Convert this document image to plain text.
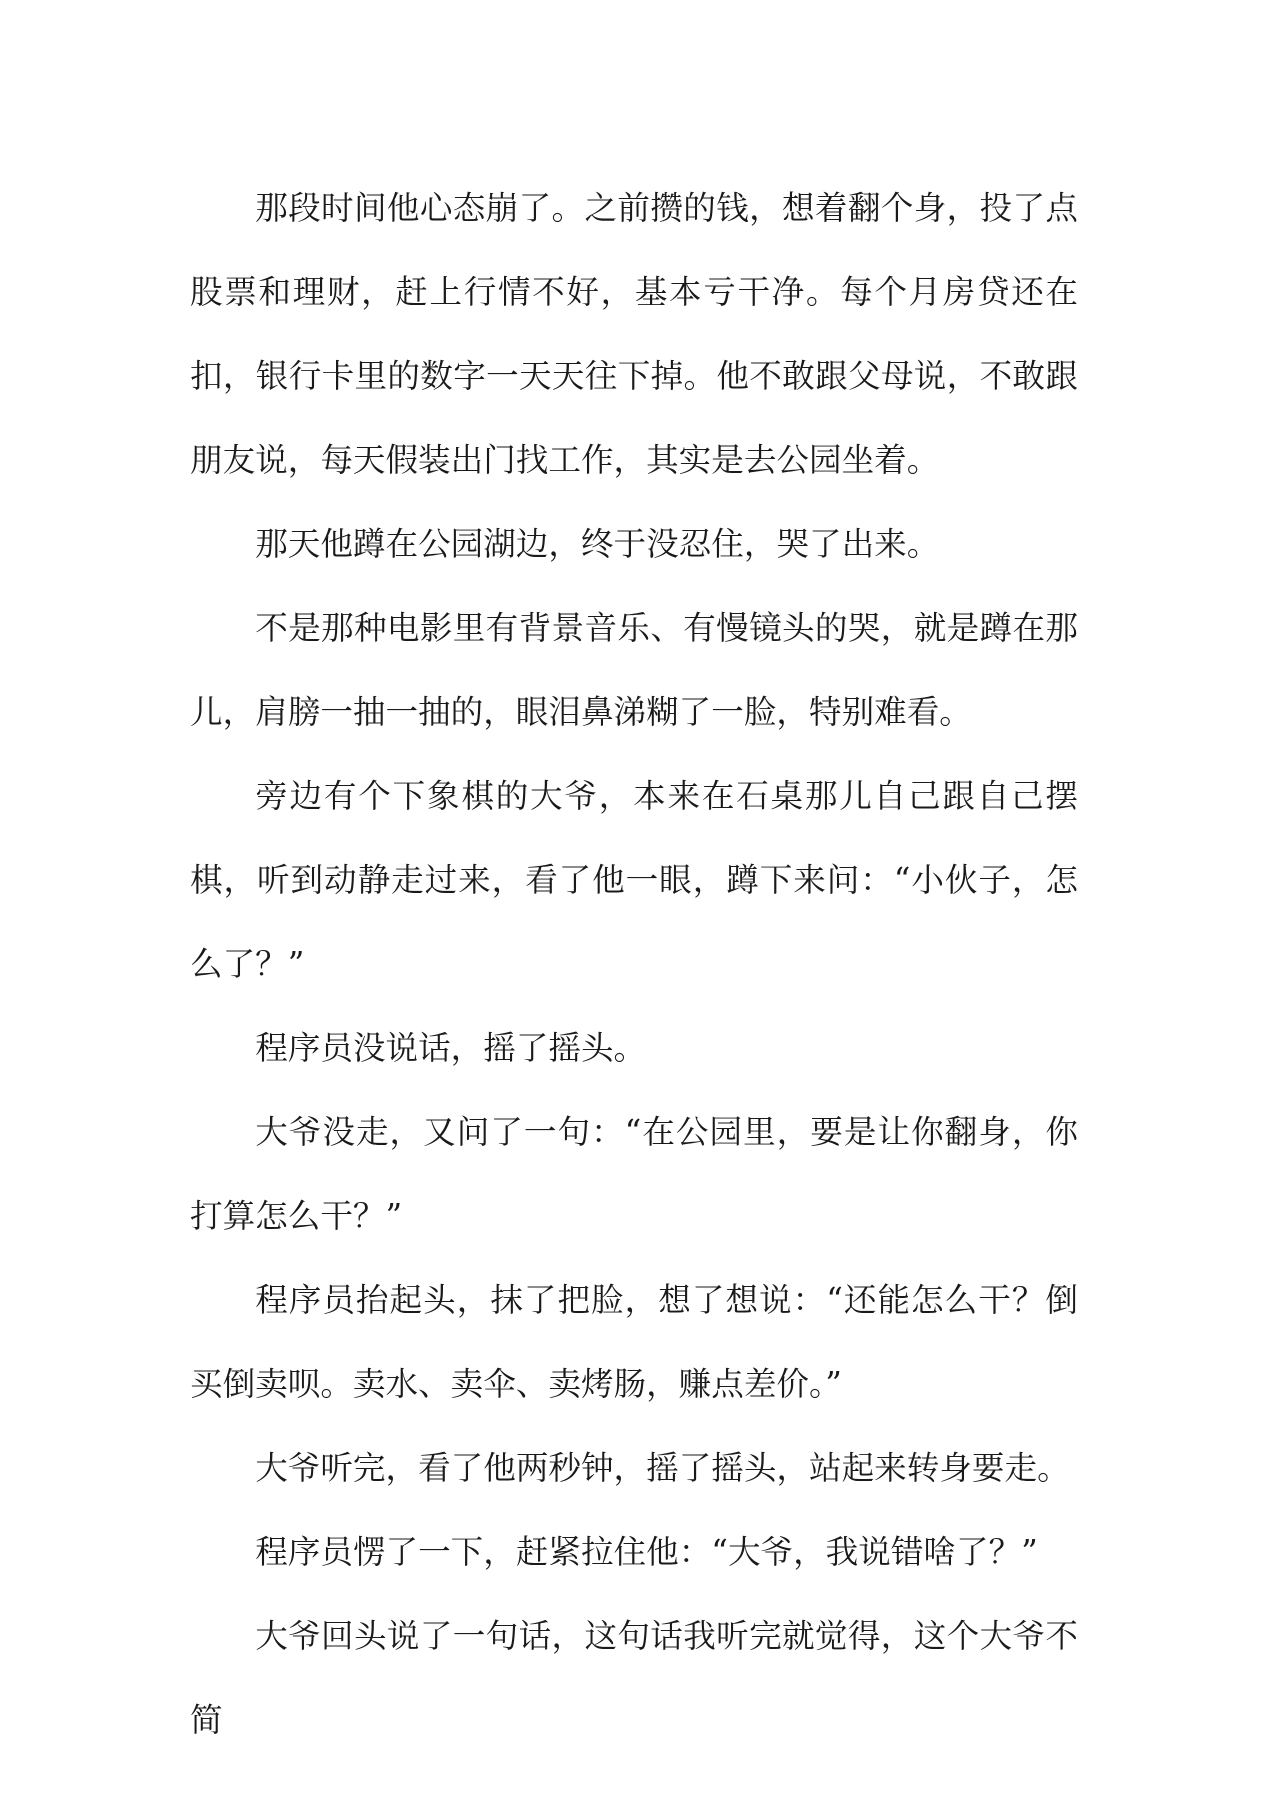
那段时间他心态崩了。之前攒的钱，想着翻个身，投了点股票和理财，赶上行情不好，基本亏干净。每个月房贷还在扣，银行卡里的数字一天天往下掉。他不敢跟父母说，不敢跟朋友说，每天假装出门找工作，其实是去公园坐着。

那天他蹲在公园湖边，终于没忍住，哭了出来。

不是那种电影里有背景音乐、有慢镜头的哭，就是蹲在那儿，肩膀一抽一抽的，眼泪鼻涕糊了一脸，特别难看。

旁边有个下象棋的大爷，本来在石桌那儿自己跟自己摆棋，听到动静走过来，看了他一眼，蹲下来问：“小伙子，怎么了？”

程序员没说话，摇了摇头。

大爷没走，又问了一句：“在公园里，要是让你翻身，你打算怎么干？”

程序员抬起头，抹了把脸，想了想说：“还能怎么干？倒买倒卖呗。卖水、卖伞、卖烤肠，赚点差价。”

大爷听完，看了他两秒钟，摇了摇头，站起来转身要走。

程序员愣了一下，赶紧拉住他：“大爷，我说错啥了？”

大爷回头说了一句话，这句话我听完就觉得，这个大爷不简
